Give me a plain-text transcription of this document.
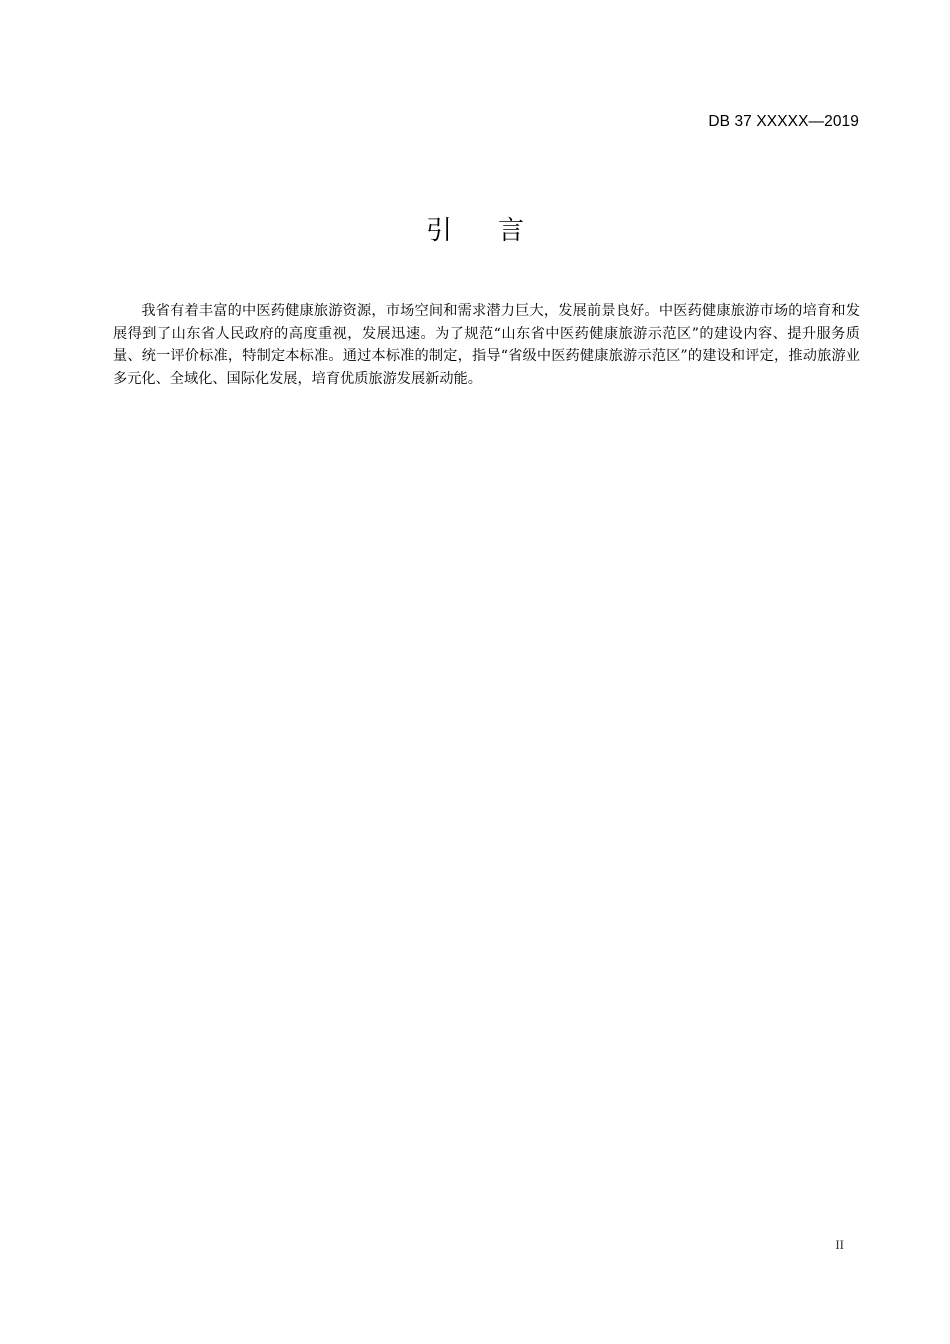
DB 37 XXXXX—2019
引言

我省有着丰富的中医药健康旅游资源，市场空间和需求潜力巨大，发展前景良好。中医药健康旅游市场的培育和发展得到了山东省人民政府的高度重视，发展迅速。为了规范“山东省中医药健康旅游示范区”的建设内容、提升服务质量、统一评价标准，特制定本标准。通过本标准的制定，指导“省级中医药健康旅游示范区”的建设和评定，推动旅游业多元化、全域化、国际化发展，培育优质旅游发展新动能。

II
